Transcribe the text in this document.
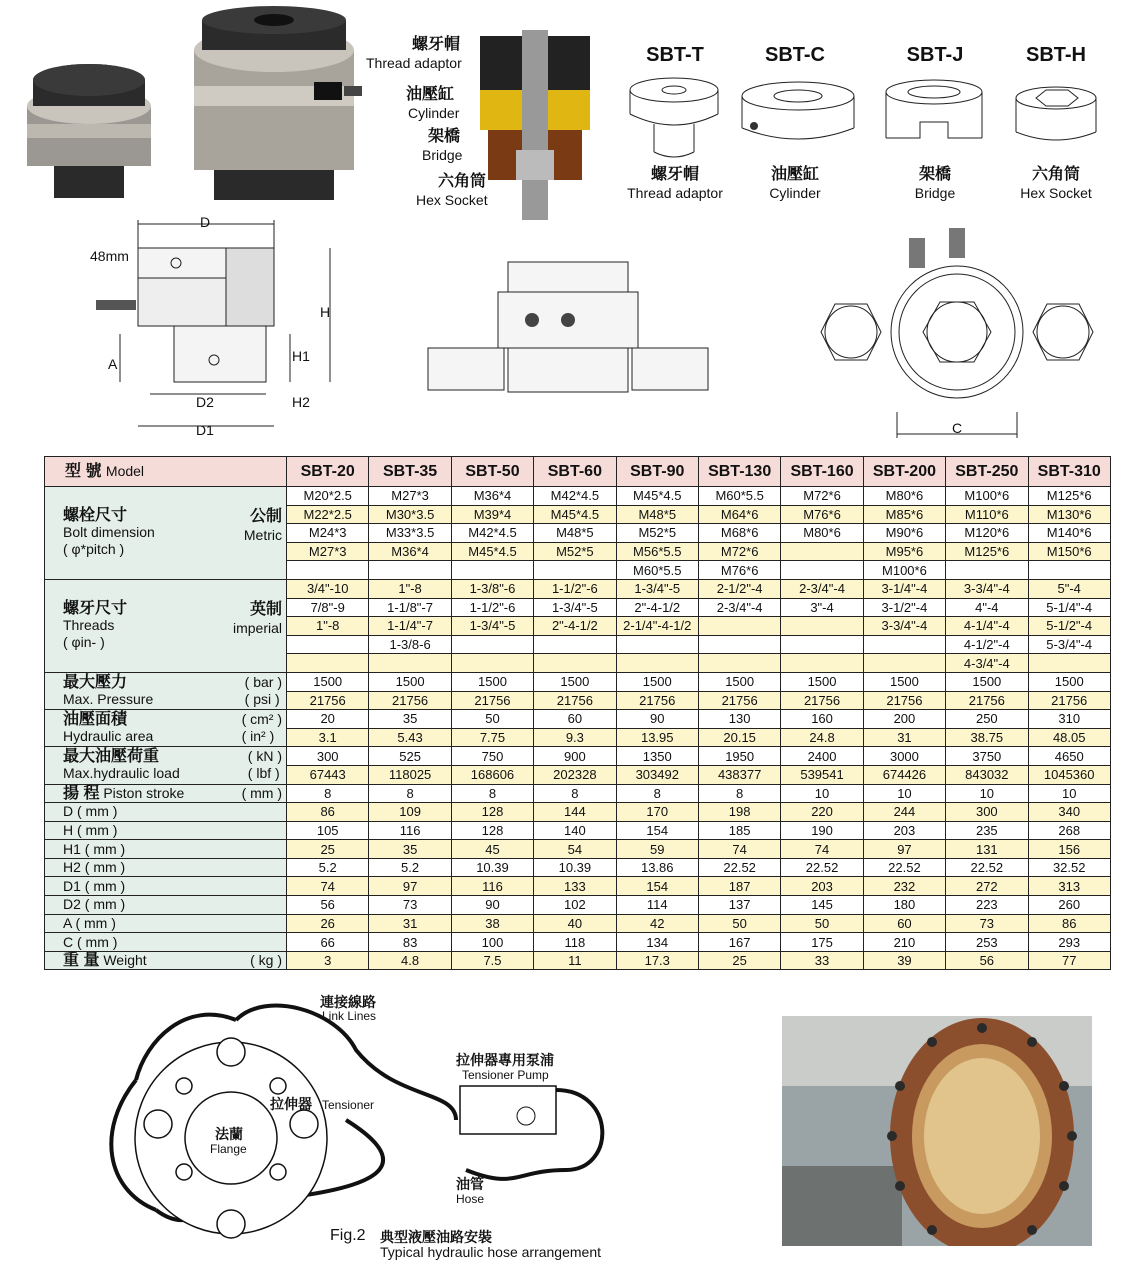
螺牙帽
Thread adaptor
油壓缸
Cylinder
架橋
Bridge
六角筒
Hex Socket
SBT-T	SBT-C	SBT-J	SBT-H
螺牙帽
Thread adaptor
油壓缸
Cylinder
架橋
Bridge
六角筒
Hex Socket
D
48mm
H
A	H1
H2
D2
D1	C
型 號 Model	SBT-20	SBT-35	SBT-50	SBT-60	SBT-90	SBT-130	SBT-160	SBT-200	SBT-250	SBT-310

公制
Metric
螺栓尺寸
Bolt dimension
( φ*pitch )	M20*2.5	M27*3	M36*4	M42*4.5	M45*4.5	M60*5.5	M72*6	M80*6	M100*6	M125*6
	M22*2.5	M30*3.5	M39*4	M45*4.5	M48*5	M64*6	M76*6	M85*6	M110*6	M130*6
	M24*3	M33*3.5	M42*4.5	M48*5	M52*5	M68*6	M80*6	M90*6	M120*6	M140*6
	M27*3	M36*4	M45*4.5	M52*5	M56*5.5	M72*6		M95*6	M125*6	M150*6
					M60*5.5	M76*6		M100*6		

英制
imperial
螺牙尺寸
Threads
( φin- )	3/4"-10	1"-8	1-3/8"-6	1-1/2"-6	1-3/4"-5	2-1/2"-4	2-3/4"-4	3-1/4"-4	3-3/4"-4	5"-4
	7/8"-9	1-1/8"-7	1-1/2"-6	1-3/4"-5	2"-4-1/2	2-3/4"-4	3"-4	3-1/2"-4	4"-4	5-1/4"-4
	1"-8	1-1/4"-7	1-3/4"-5	2"-4-1/2	2-1/4"-4-1/2			3-3/4"-4	4-1/4"-4	5-1/2"-4
		1-3/8-6							4-1/2"-4	5-3/4"-4
									4-3/4"-4	

( bar )
( psi )
最大壓力
Max. Pressure	1500	1500	1500	1500	1500	1500	1500	1500	1500	1500
	21756	21756	21756	21756	21756	21756	21756	21756	21756	21756

( cm² )
( in² )
油壓面積
Hydraulic area	20	35	50	60	90	130	160	200	250	310
	3.1	5.43	7.75	9.3	13.95	20.15	24.8	31	38.75	48.05

( kN )
( lbf )
最大油壓荷重
Max.hydraulic load	300	525	750	900	1350	1950	2400	3000	3750	4650
	67443	118025	168606	202328	303492	438377	539541	674426	843032	1045360

( mm )
揚 程 Piston stroke	8	8	8	8	8	8	10	10	10	10
D ( mm )	86	109	128	144	170	198	220	244	300	340
H ( mm )	105	116	128	140	154	185	190	203	235	268
H1 ( mm )	25	35	45	54	59	74	74	97	131	156
H2 ( mm )	5.2	5.2	10.39	10.39	13.86	22.52	22.52	22.52	22.52	32.52
D1 ( mm )	74	97	116	133	154	187	203	232	272	313
D2 ( mm )	56	73	90	102	114	137	145	180	223	260
A ( mm )	26	31	38	40	42	50	50	60	73	86
C ( mm )	66	83	100	118	134	167	175	210	253	293

( kg )
重 量 Weight	3	4.8	7.5	11	17.3	25	33	39	56	77
連接線路
Link Lines
拉伸器專用泵浦
Tensioner Pump
拉伸器 Tensioner
法蘭
Flange
油管
Hose
Fig.2 典型液壓油路安裝
Typical hydraulic hose arrangement
